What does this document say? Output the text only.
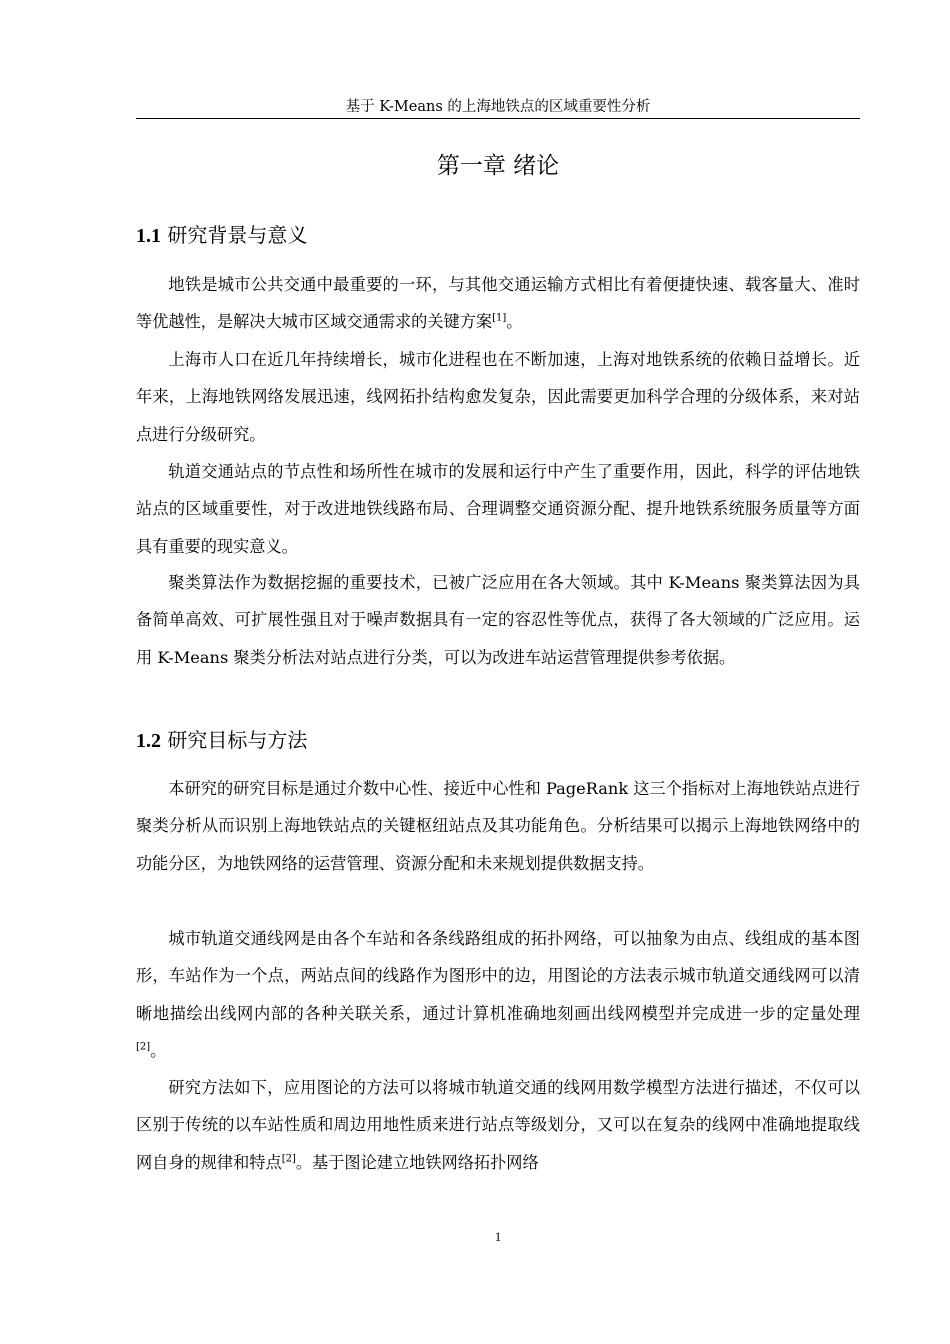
基于 K-Means 的上海地铁点的区域重要性分析
第一章 绪论
1.1 研究背景与意义

地铁是城市公共交通中最重要的一环，与其他交通运输方式相比有着便捷快速、载客量大、准时等优越性，是解决大城市区域交通需求的关键方案[1]。

上海市人口在近几年持续增长，城市化进程也在不断加速，上海对地铁系统的依赖日益增长。近年来，上海地铁网络发展迅速，线网拓扑结构愈发复杂，因此需要更加科学合理的分级体系，来对站点进行分级研究。

轨道交通站点的节点性和场所性在城市的发展和运行中产生了重要作用，因此，科学的评估地铁站点的区域重要性，对于改进地铁线路布局、合理调整交通资源分配、提升地铁系统服务质量等方面具有重要的现实意义。

聚类算法作为数据挖掘的重要技术，已被广泛应用在各大领域。其中 K-Means 聚类算法因为具备简单高效、可扩展性强且对于噪声数据具有一定的容忍性等优点，获得了各大领域的广泛应用。运用 K-Means 聚类分析法对站点进行分类，可以为改进车站运营管理提供参考依据。

1.2 研究目标与方法

本研究的研究目标是通过介数中心性、接近中心性和 PageRank 这三个指标对上海地铁站点进行聚类分析从而识别上海地铁站点的关键枢纽站点及其功能角色。分析结果可以揭示上海地铁网络中的功能分区，为地铁网络的运营管理、资源分配和未来规划提供数据支持。

城市轨道交通线网是由各个车站和各条线路组成的拓扑网络，可以抽象为由点、线组成的基本图形，车站作为一个点，两站点间的线路作为图形中的边，用图论的方法表示城市轨道交通线网可以清晰地描绘出线网内部的各种关联关系，通过计算机准确地刻画出线网模型并完成进一步的定量处理[2]。

研究方法如下，应用图论的方法可以将城市轨道交通的线网用数学模型方法进行描述，不仅可以区别于传统的以车站性质和周边用地性质来进行站点等级划分，又可以在复杂的线网中准确地提取线网自身的规律和特点[2]。基于图论建立地铁网络拓扑网络

1
